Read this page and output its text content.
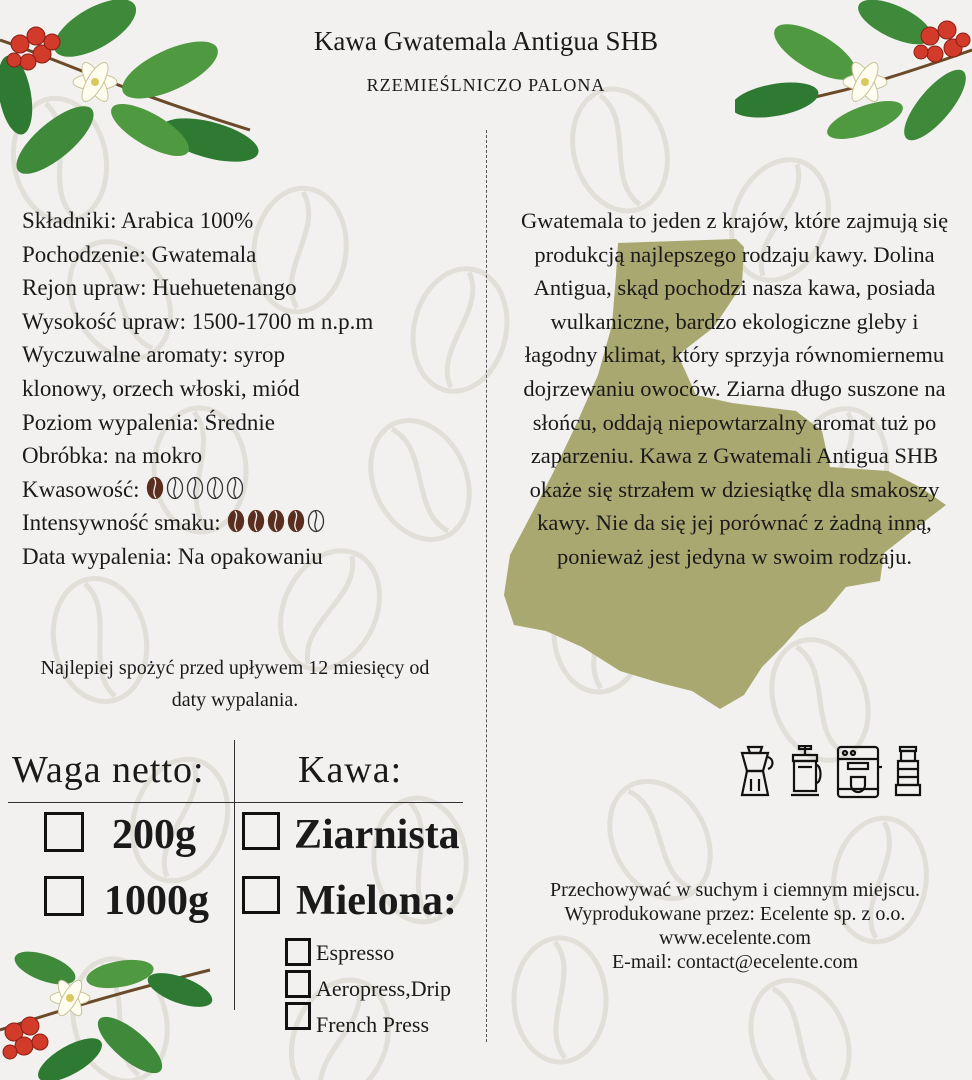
Kawa Gwatemala Antigua SHB
RZEMIEŚLNICZO PALONA
Składniki: Arabica 100%
Pochodzenie: Gwatemala
Rejon upraw: Huehuetenango
Wysokość upraw: 1500-1700 m n.p.m
Wyczuwalne aromaty: syrop
klonowy, orzech włoski, miód
Poziom wypalenia: Średnie
Obróbka: na mokro
Kwasowość:
Intensywność smaku:
Data wypalenia: Na opakowaniu
Najlepiej spożyć przed upływem 12 miesięcy od daty wypalania.
Gwatemala to jeden z krajów, które zajmują się produkcją najlepszego rodzaju kawy. Dolina Antigua, skąd pochodzi nasza kawa, posiada wulkaniczne, bardzo ekologiczne gleby i łagodny klimat, który sprzyja równomiernemu dojrzewaniu owoców. Ziarna długo suszone na słońcu, oddają niepowtarzalny aromat tuż po zaparzeniu. Kawa z Gwatemali Antigua SHB okaże się strzałem w dziesiątkę dla smakoszy kawy. Nie da się jej porównać z żadną inną, ponieważ jest jedyna w swoim rodzaju.
Przechowywać w suchym i ciemnym miejscu.
Wyprodukowane przez: Ecelente sp. z o.o.
www.ecelente.com
E-mail: contact@ecelente.com
Waga netto: Kawa:
200g
1000g
Ziarnista
Mielona:
Espresso
Aeropress,Drip
French Press
